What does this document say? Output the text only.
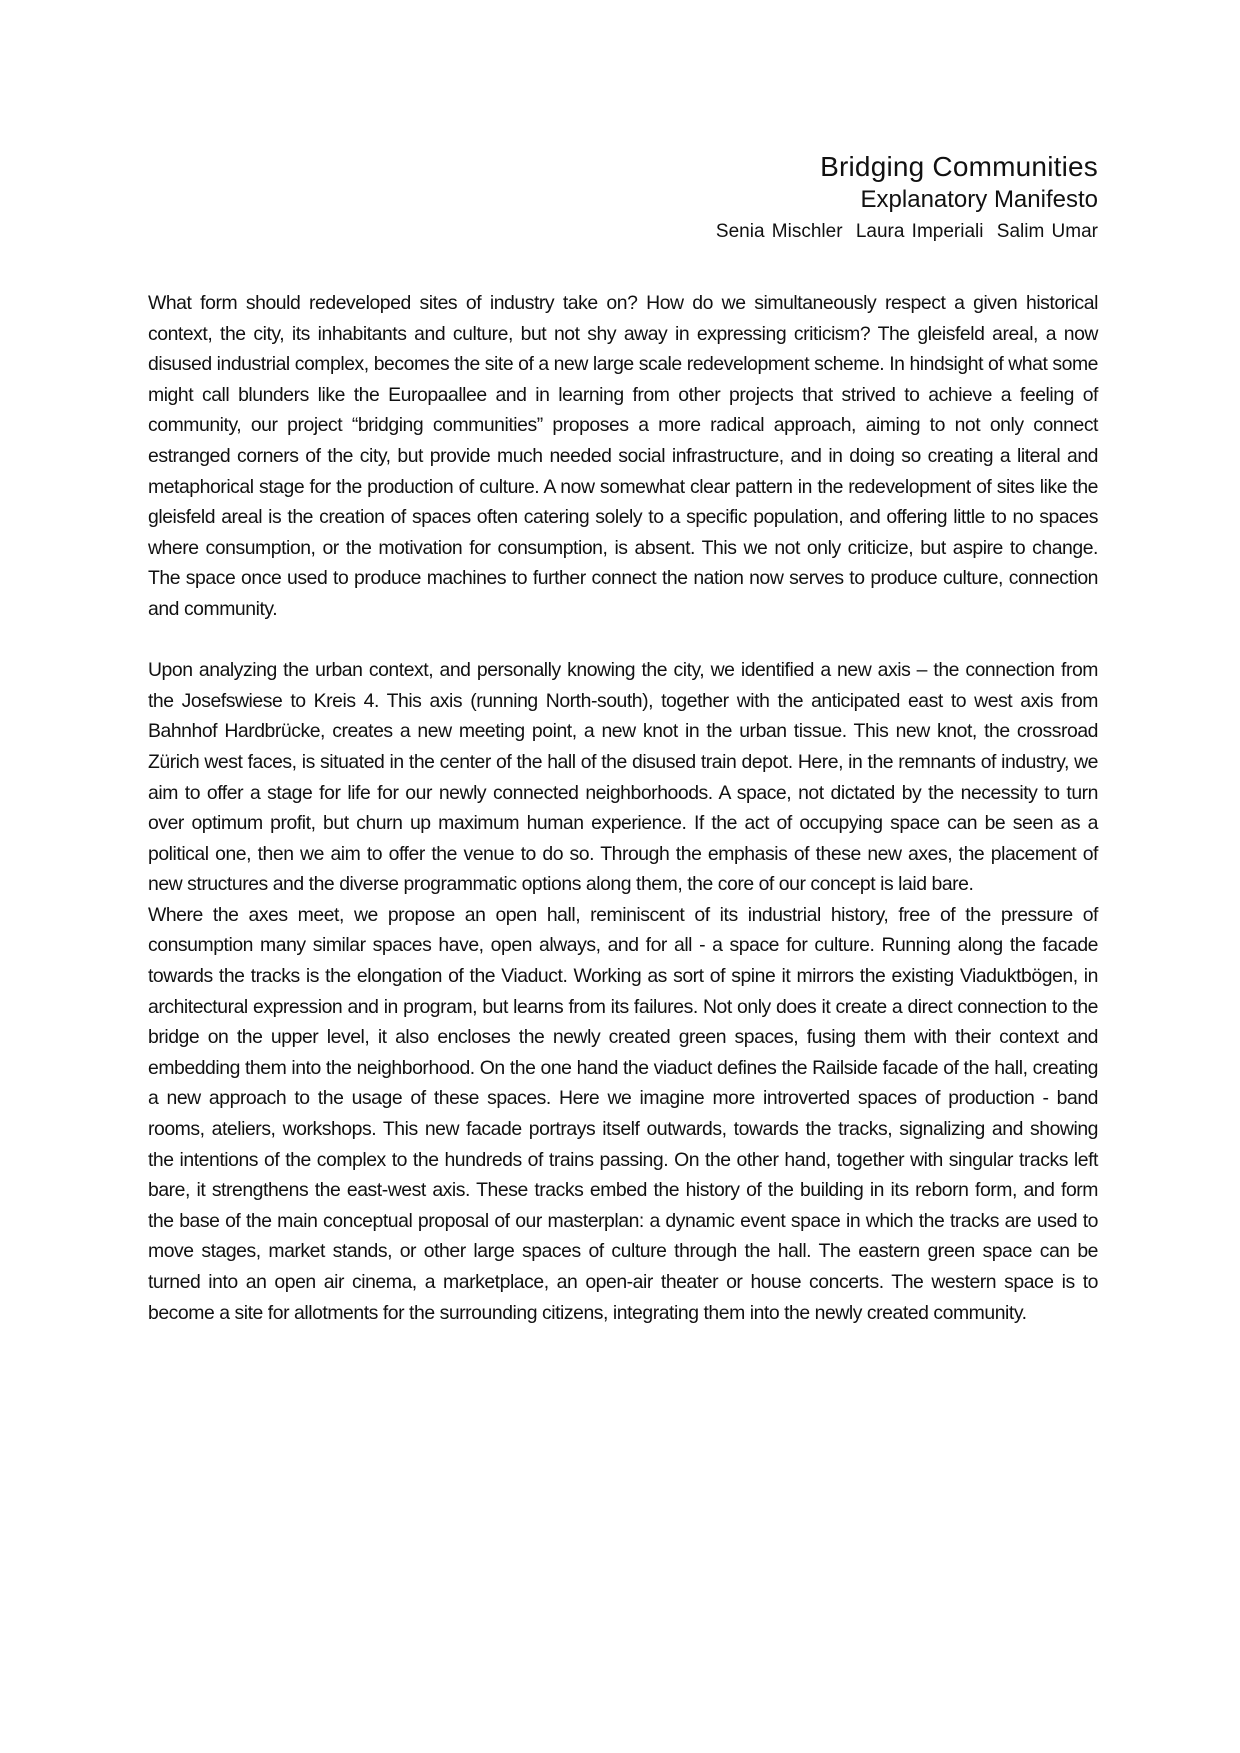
Bridging Communities
Explanatory Manifesto
Senia Mischler Laura Imperiali Salim Umar

What form should redeveloped sites of industry take on? How do we simultaneously respect a given historical context, the city, its inhabitants and culture, but not shy away in expressing criticism? The gleisfeld areal, a now disused industrial complex, becomes the site of a new large scale redevelopment scheme. In hindsight of what some might call blunders like the Europaallee and in learning from other projects that strived to achieve a feeling of community, our project “bridging communities” proposes a more radical approach, aiming to not only connect estranged corners of the city, but provide much needed social infrastructure, and in doing so creating a literal and metaphorical stage for the production of culture. A now somewhat clear pattern in the redevelopment of sites like the gleisfeld areal is the creation of spaces often catering solely to a specific population, and offering little to no spaces where consumption, or the motivation for consumption, is absent. This we not only criticize, but aspire to change. The space once used to produce machines to further connect the nation now serves to produce culture, connection and community.

Upon analyzing the urban context, and personally knowing the city, we identified a new axis – the connection from the Josefswiese to Kreis 4. This axis (running North-south), together with the anticipated east to west axis from Bahnhof Hardbrücke, creates a new meeting point, a new knot in the urban tissue. This new knot, the crossroad Zürich west faces, is situated in the center of the hall of the disused train depot. Here, in the remnants of industry, we aim to offer a stage for life for our newly connected neighborhoods. A space, not dictated by the necessity to turn over optimum profit, but churn up maximum human experience. If the act of occupying space can be seen as a political one, then we aim to offer the venue to do so. Through the emphasis of these new axes, the placement of new structures and the diverse programmatic options along them, the core of our concept is laid bare.

Where the axes meet, we propose an open hall, reminiscent of its industrial history, free of the pressure of consumption many similar spaces have, open always, and for all - a space for culture. Running along the facade towards the tracks is the elongation of the Viaduct. Working as sort of spine it mirrors the existing Viaduktbögen, in architectural expression and in program, but learns from its failures. Not only does it create a direct connection to the bridge on the upper level, it also encloses the newly created green spaces, fusing them with their context and embedding them into the neighborhood. On the one hand the viaduct defines the Railside facade of the hall, creating a new approach to the usage of these spaces. Here we imagine more introverted spaces of production - band rooms, ateliers, workshops. This new facade portrays itself outwards, towards the tracks, signalizing and showing the intentions of the complex to the hundreds of trains passing. On the other hand, together with singular tracks left bare, it strengthens the east-west axis. These tracks embed the history of the building in its reborn form, and form the base of the main conceptual proposal of our masterplan: a dynamic event space in which the tracks are used to move stages, market stands, or other large spaces of culture through the hall. The eastern green space can be turned into an open air cinema, a marketplace, an open-air theater or house concerts. The western space is to become a site for allotments for the surrounding citizens, integrating them into the newly created community.
